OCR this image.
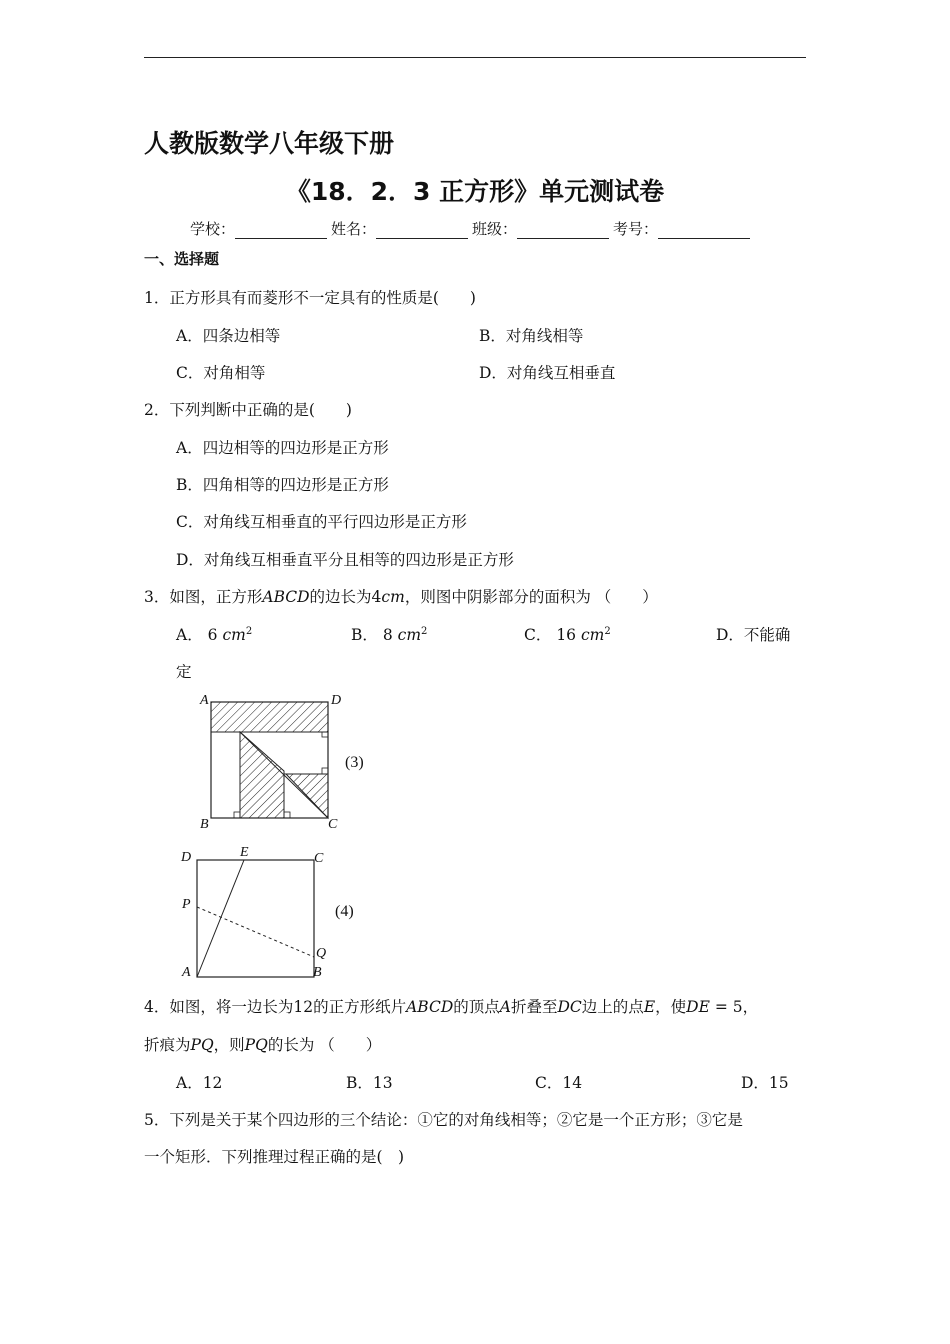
人教版数学八年级下册
《18．2．3 正方形》单元测试卷
学校：	姓名：	班级：	考号：
一、选择题
1．正方形具有而菱形不一定具有的性质是(　　)
A．四条边相等	B．对角线相等
C．对角相等	D．对角线互相垂直
2．下列判断中正确的是(　　)
A．四边相等的四边形是正方形
B．四角相等的四边形是正方形
C．对角线互相垂直的平行四边形是正方形
D．对角线互相垂直平分且相等的四边形是正方形
3．如图，正方形ABCD的边长为4cm，则图中阴影部分的面积为 （　　）
A． 6 $cm^2$	B． 8 $cm^2$	C． 16 $cm^2$	D．不能确
定
A	D
B	C
(3)
D	E	C
P
Q
A	B
(4)
4．如图，将一边长为12的正方形纸片ABCD的顶点A折叠至DC边上的点E，使DE = 5，
折痕为PQ，则PQ的长为 （　　）
A．12	B．13	C．14	D．15
5．下列是关于某个四边形的三个结论：①它的对角线相等；②它是一个正方形；③它是
一个矩形．下列推理过程正确的是(　)
